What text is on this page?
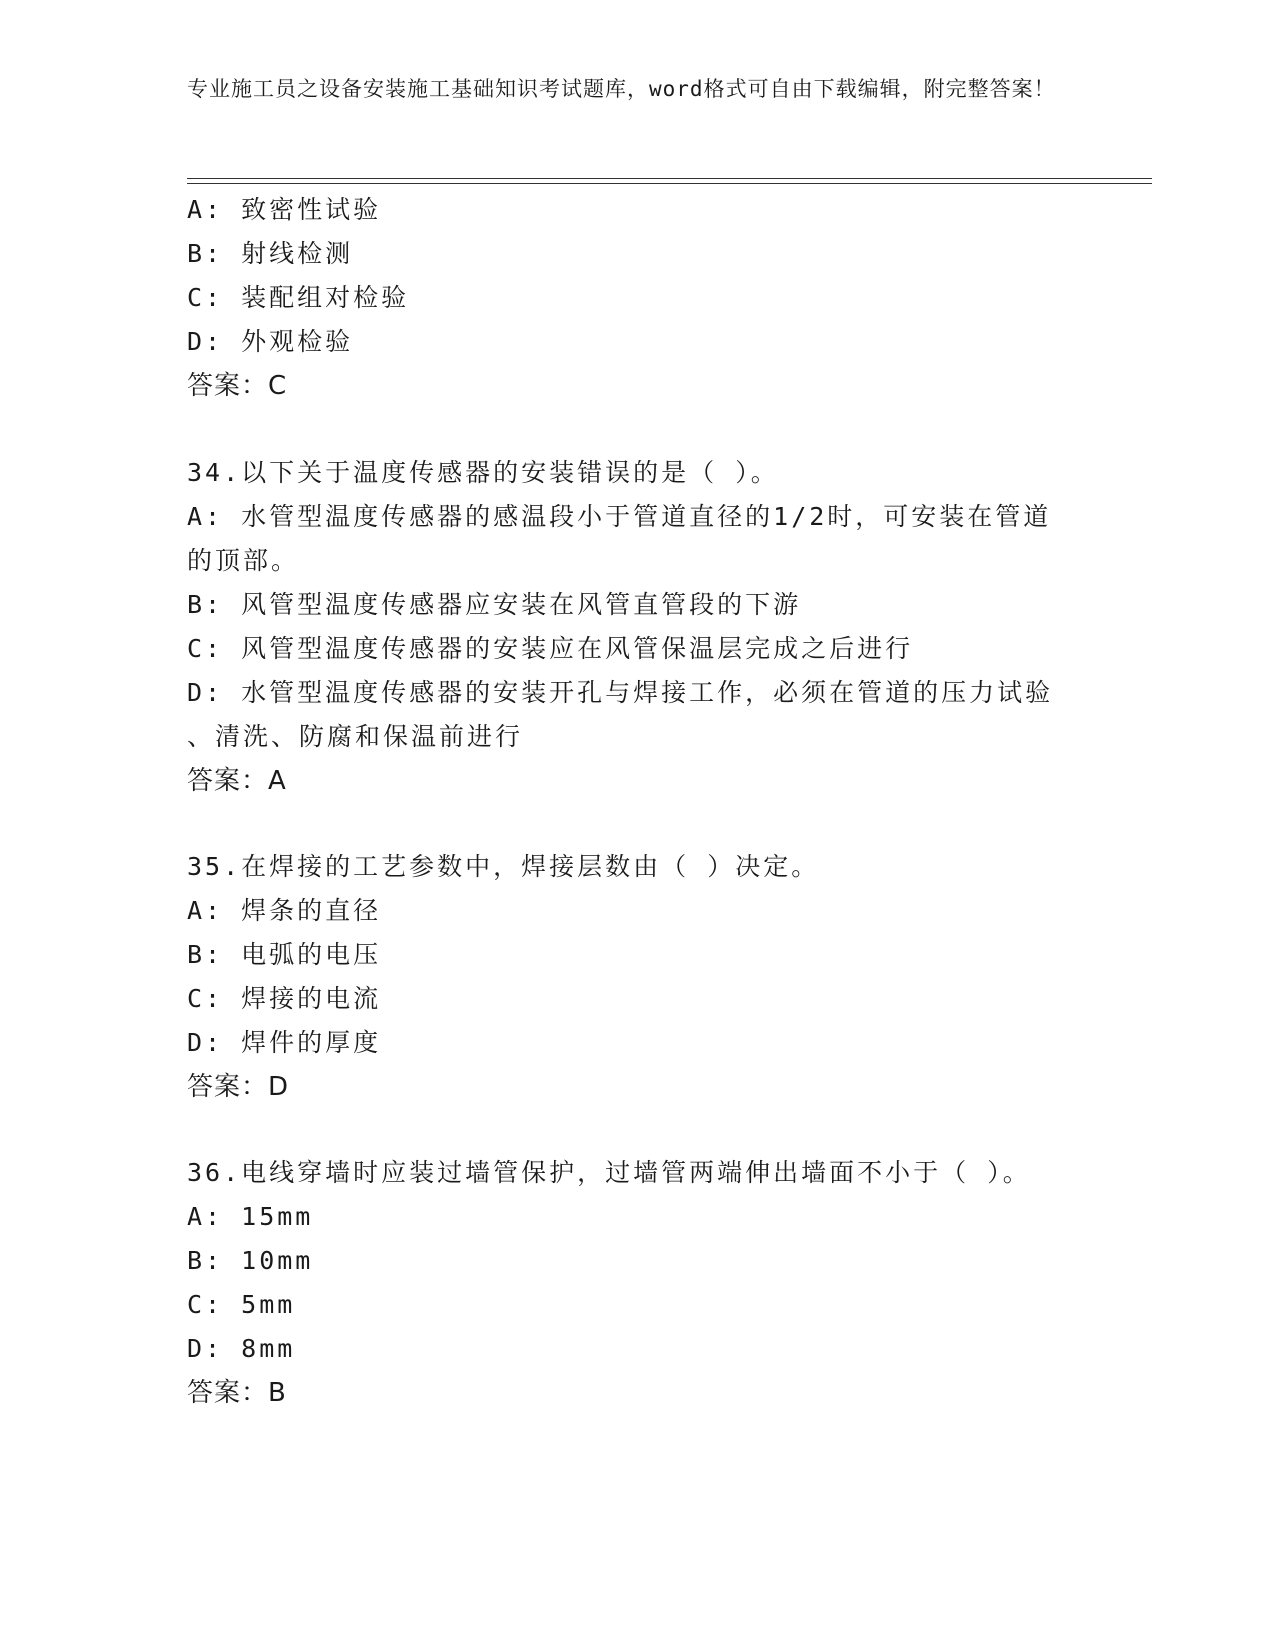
专业施工员之设备安装施工基础知识考试题库，word格式可自由下载编辑，附完整答案！
A: 致密性试验
B: 射线检测
C: 装配组对检验
D: 外观检验
答案：C
34.以下关于温度传感器的安装错误的是（ ）。
A: 水管型温度传感器的感温段小于管道直径的1/2时，可安装在管道
的顶部。
B: 风管型温度传感器应安装在风管直管段的下游
C: 风管型温度传感器的安装应在风管保温层完成之后进行
D: 水管型温度传感器的安装开孔与焊接工作，必须在管道的压力试验
、清洗、防腐和保温前进行
答案：A
35.在焊接的工艺参数中，焊接层数由（ ）决定。
A: 焊条的直径
B: 电弧的电压
C: 焊接的电流
D: 焊件的厚度
答案：D
36.电线穿墙时应装过墙管保护，过墙管两端伸出墙面不小于（ ）。
A: 15mm
B: 10mm
C: 5mm
D: 8mm
答案：B
